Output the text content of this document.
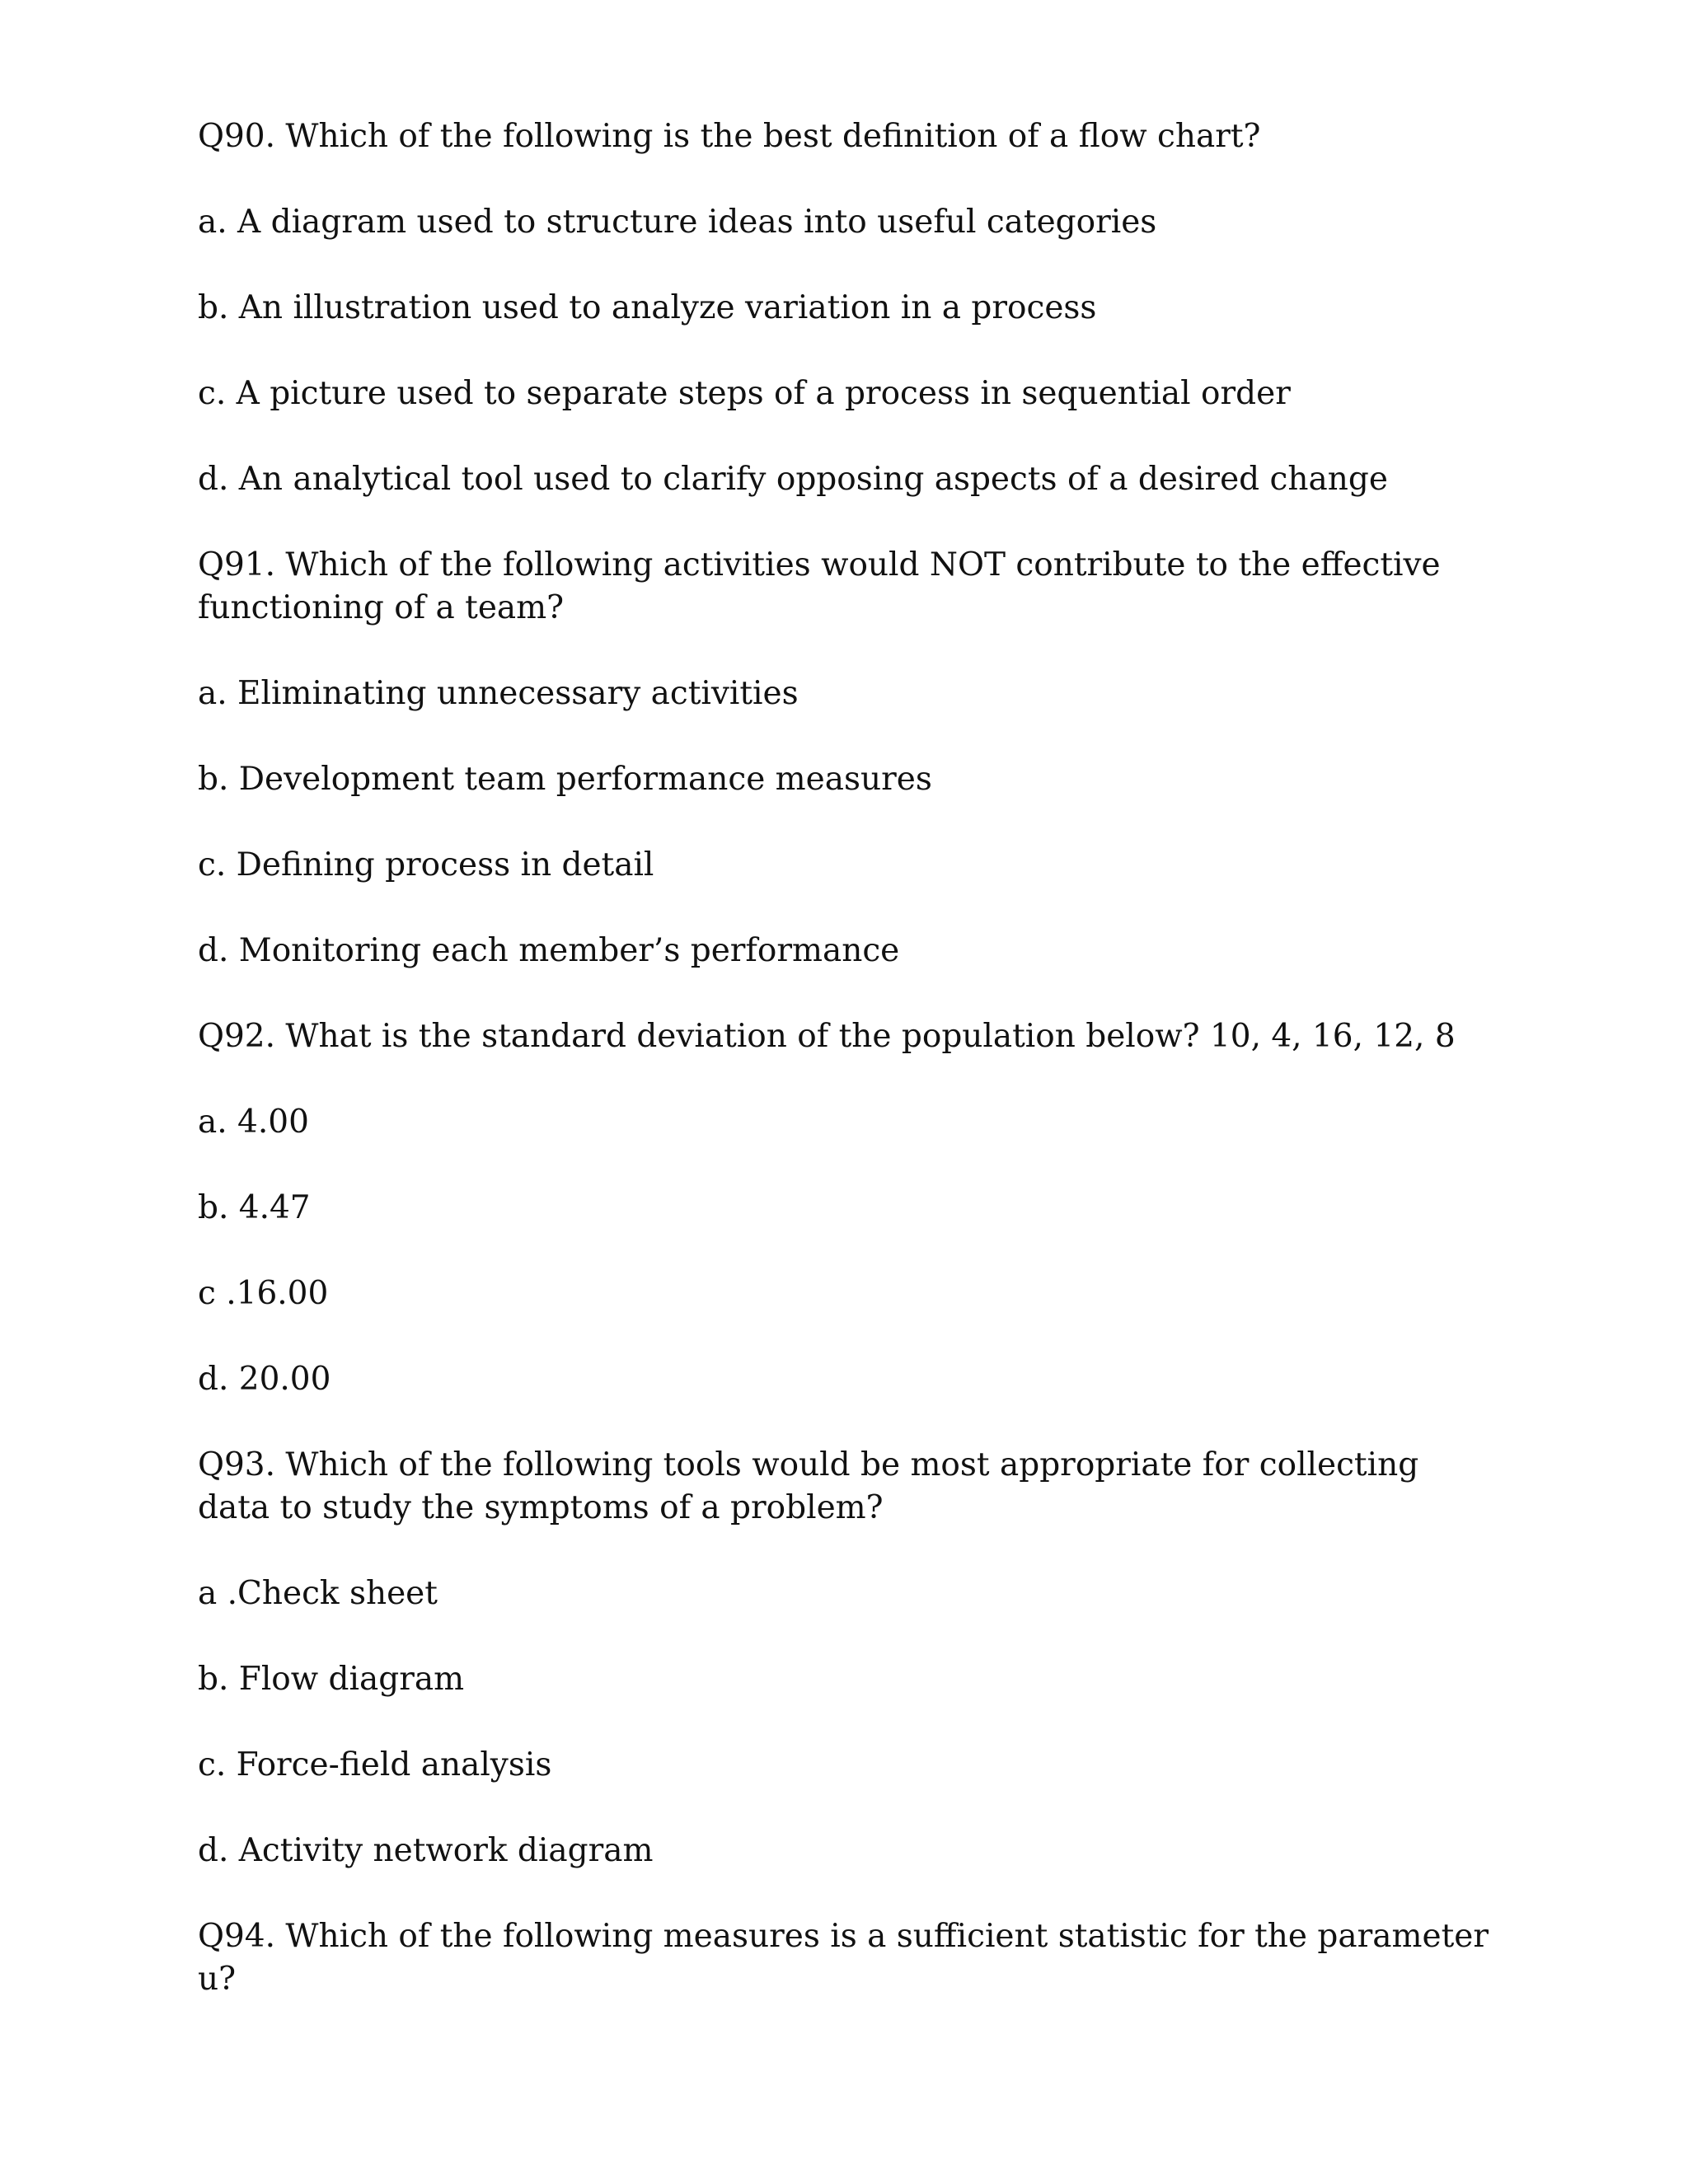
Q90. Which of the following is the best definition of a flow chart?

a. A diagram used to structure ideas into useful categories

b. An illustration used to analyze variation in a process

c. A picture used to separate steps of a process in sequential order

d. An analytical tool used to clarify opposing aspects of a desired change

Q91. Which of the following activities would NOT contribute to the effective functioning of a team?

a. Eliminating unnecessary activities

b. Development team performance measures

c. Defining process in detail

d. Monitoring each member’s performance

Q92. What is the standard deviation of the population below? 10, 4, 16, 12, 8

a. 4.00

b. 4.47

c .16.00

d. 20.00

Q93. Which of the following tools would be most appropriate for collecting data to study the symptoms of a problem?

a .Check sheet

b. Flow diagram

c. Force-field analysis

d. Activity network diagram

Q94. Which of the following measures is a sufficient statistic for the parameter u?
